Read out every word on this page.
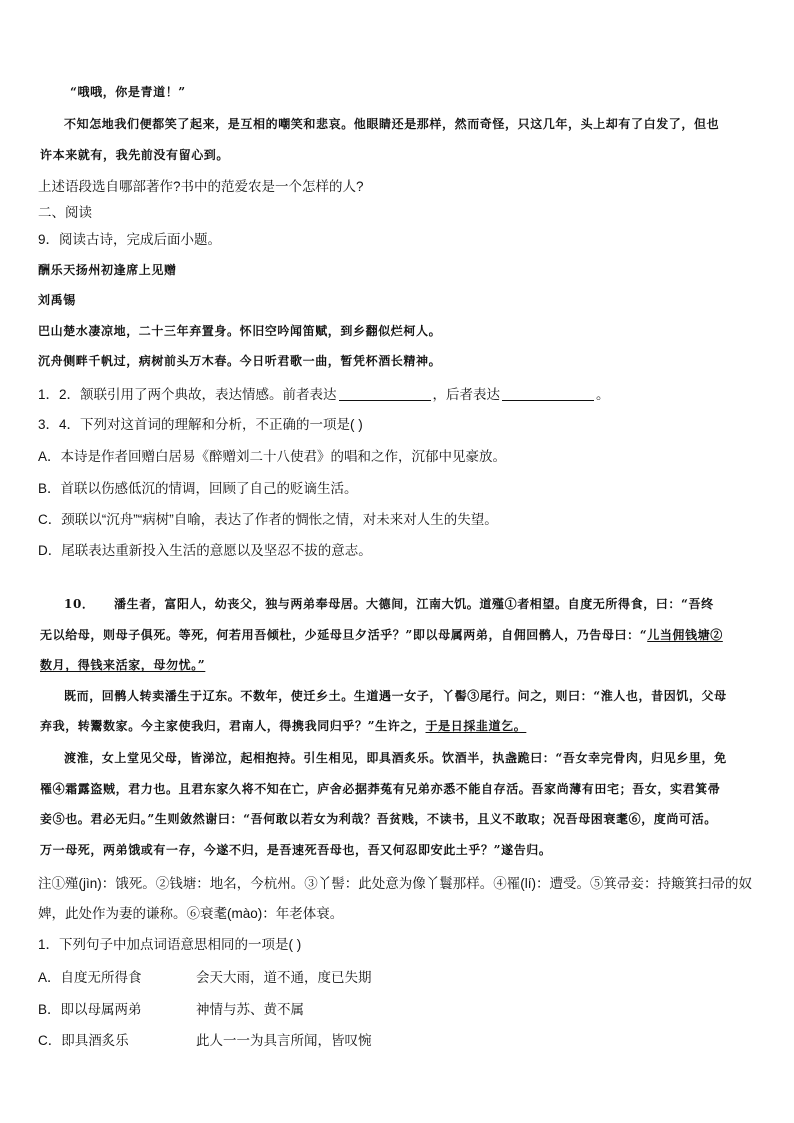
“哦哦，你是青道！”
不知怎地我们便都笑了起来，是互相的嘲笑和悲哀。他眼睛还是那样，然而奇怪，只这几年，头上却有了白发了，但也
许本来就有，我先前没有留心到。
上述语段选自哪部著作?书中的范爱农是一个怎样的人?
二、阅读
9．阅读古诗，完成后面小题。
酬乐天扬州初逢席上见赠
刘禹锡
巴山楚水凄凉地，二十三年弃置身。怀旧空吟闻笛赋，到乡翻似烂柯人。
沉舟侧畔千帆过，病树前头万木春。今日听君歌一曲，暂凭杯酒长精神。
1．2．颔联引用了两个典故，表达情感。前者表达	，后者表达	。
3．4．下列对这首词的理解和分析，不正确的一项是( )
A．本诗是作者回赠白居易《醉赠刘二十八使君》的唱和之作，沉郁中见豪放。
B．首联以伤感低沉的情调，回顾了自己的贬谪生活。
C．颈联以“沉舟”“病树”自喻，表达了作者的惆怅之情，对未来对人生的失望。
D．尾联表达重新投入生活的意愿以及坚忍不拔的意志。
10． 潘生者，富阳人，幼丧父，独与两弟奉母居。大德间，江南大饥。道殣①者相望。自度无所得食，曰：“吾终
无以给母，则母子俱死。等死，何若用吾倾杜，少延母旦夕活乎？”即以母属两弟，自佣回鹘人，乃告母曰：“儿当佣钱塘②
数月，得钱来活家，母勿忧。”
既而，回鹘人转卖潘生于辽东。不数年，使迁乡土。生道遇一女子，丫髻③尾行。问之，则曰：“淮人也，昔因饥，父母
弃我，转鬻数家。今主家使我归，君南人，得携我同归乎？”生许之，于是日採韭道乞。
渡淮，女上堂见父母，皆涕泣，起相抱持。引生相见，即具酒炙乐。饮酒半，执盏跪曰：“吾女幸完骨肉，归见乡里，免
罹④霜露盗贼，君力也。且君东家久将不知在亡，庐舍必据莽菟有兄弟亦悉不能自存活。吾家尚薄有田宅；吾女，实君箕帚
妾⑤也。君必无归。”生则敛然谢曰：“吾何敢以若女为利哉？吾贫贱，不读书，且义不敢取；况吾母困衰耄⑥，度尚可活。
万一母死，两弟饿或有一存，今遂不归，是吾速死吾母也，吾又何忍即安此土乎？”遂告归。
注①殣(jìn)：饿死。②钱塘：地名，今杭州。③丫髻：此处意为像丫鬟那样。④罹(lí)：遭受。⑤箕帚妾：持簸箕扫帚的奴
婢，此处作为妻的谦称。⑥衰耄(mào)：年老体衰。
1．下列句子中加点词语意思相同的一项是( )
A．自度无所得食	会天大雨，道不通，度已失期
B．即以母属两弟	神情与苏、黄不属
C．即具酒炙乐	此人一一为具言所闻，皆叹惋
